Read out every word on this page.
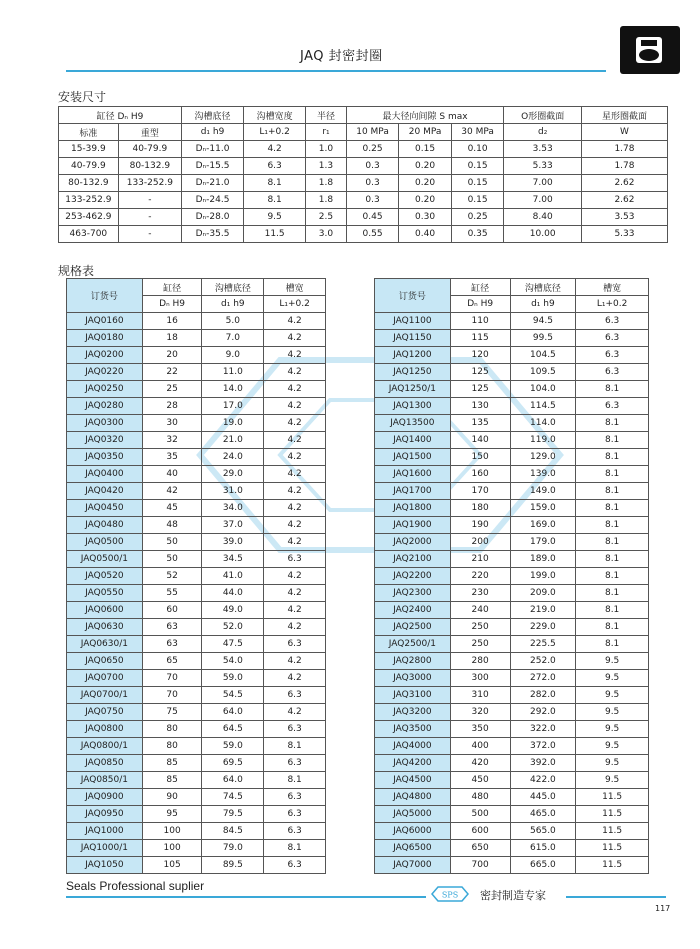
JAQ 封密封圈
安装尺寸
缸径 Dₙ H9		沟槽底径	沟槽宽度	半径	最大径向间隙 S max			O形圈截面	星形圈截面
标准	重型	d₁ h9	L₁+0.2	r₁	10 MPa	20 MPa	30 MPa	d₂	W
15-39.9	40-79.9	Dₙ-11.0	4.2	1.0	0.25	0.15	0.10	3.53	1.78
40-79.9	80-132.9	Dₙ-15.5	6.3	1.3	0.3	0.20	0.15	5.33	1.78
80-132.9	133-252.9	Dₙ-21.0	8.1	1.8	0.3	0.20	0.15	7.00	2.62
133-252.9	-	Dₙ-24.5	8.1	1.8	0.3	0.20	0.15	7.00	2.62
253-462.9	-	Dₙ-28.0	9.5	2.5	0.45	0.30	0.25	8.40	3.53
463-700	-	Dₙ-35.5	11.5	3.0	0.55	0.40	0.35	10.00	5.33
规格表
订货号	缸径	沟槽底径	槽宽
	Dₙ H9	d₁ h9	L₁+0.2
JAQ0160	16	5.0	4.2
JAQ0180	18	7.0	4.2
JAQ0200	20	9.0	4.2
JAQ0220	22	11.0	4.2
JAQ0250	25	14.0	4.2
JAQ0280	28	17.0	4.2
JAQ0300	30	19.0	4.2
JAQ0320	32	21.0	4.2
JAQ0350	35	24.0	4.2
JAQ0400	40	29.0	4.2
JAQ0420	42	31.0	4.2
JAQ0450	45	34.0	4.2
JAQ0480	48	37.0	4.2
JAQ0500	50	39.0	4.2
JAQ0500/1	50	34.5	6.3
JAQ0520	52	41.0	4.2
JAQ0550	55	44.0	4.2
JAQ0600	60	49.0	4.2
JAQ0630	63	52.0	4.2
JAQ0630/1	63	47.5	6.3
JAQ0650	65	54.0	4.2
JAQ0700	70	59.0	4.2
JAQ0700/1	70	54.5	6.3
JAQ0750	75	64.0	4.2
JAQ0800	80	64.5	6.3
JAQ0800/1	80	59.0	8.1
JAQ0850	85	69.5	6.3
JAQ0850/1	85	64.0	8.1
JAQ0900	90	74.5	6.3
JAQ0950	95	79.5	6.3
JAQ1000	100	84.5	6.3
JAQ1000/1	100	79.0	8.1
JAQ1050	105	89.5	6.3
订货号	缸径	沟槽底径	槽宽
	Dₙ H9	d₁ h9	L₁+0.2
JAQ1100	110	94.5	6.3
JAQ1150	115	99.5	6.3
JAQ1200	120	104.5	6.3
JAQ1250	125	109.5	6.3
JAQ1250/1	125	104.0	8.1
JAQ1300	130	114.5	6.3
JAQ13500	135	114.0	8.1
JAQ1400	140	119.0	8.1
JAQ1500	150	129.0	8.1
JAQ1600	160	139.0	8.1
JAQ1700	170	149.0	8.1
JAQ1800	180	159.0	8.1
JAQ1900	190	169.0	8.1
JAQ2000	200	179.0	8.1
JAQ2100	210	189.0	8.1
JAQ2200	220	199.0	8.1
JAQ2300	230	209.0	8.1
JAQ2400	240	219.0	8.1
JAQ2500	250	229.0	8.1
JAQ2500/1	250	225.5	8.1
JAQ2800	280	252.0	9.5
JAQ3000	300	272.0	9.5
JAQ3100	310	282.0	9.5
JAQ3200	320	292.0	9.5
JAQ3500	350	322.0	9.5
JAQ4000	400	372.0	9.5
JAQ4200	420	392.0	9.5
JAQ4500	450	422.0	9.5
JAQ4800	480	445.0	11.5
JAQ5000	500	465.0	11.5
JAQ6000	600	565.0	11.5
JAQ6500	650	615.0	11.5
JAQ7000	700	665.0	11.5
Seals Professional suplier
SPS 密封制造专家
117
